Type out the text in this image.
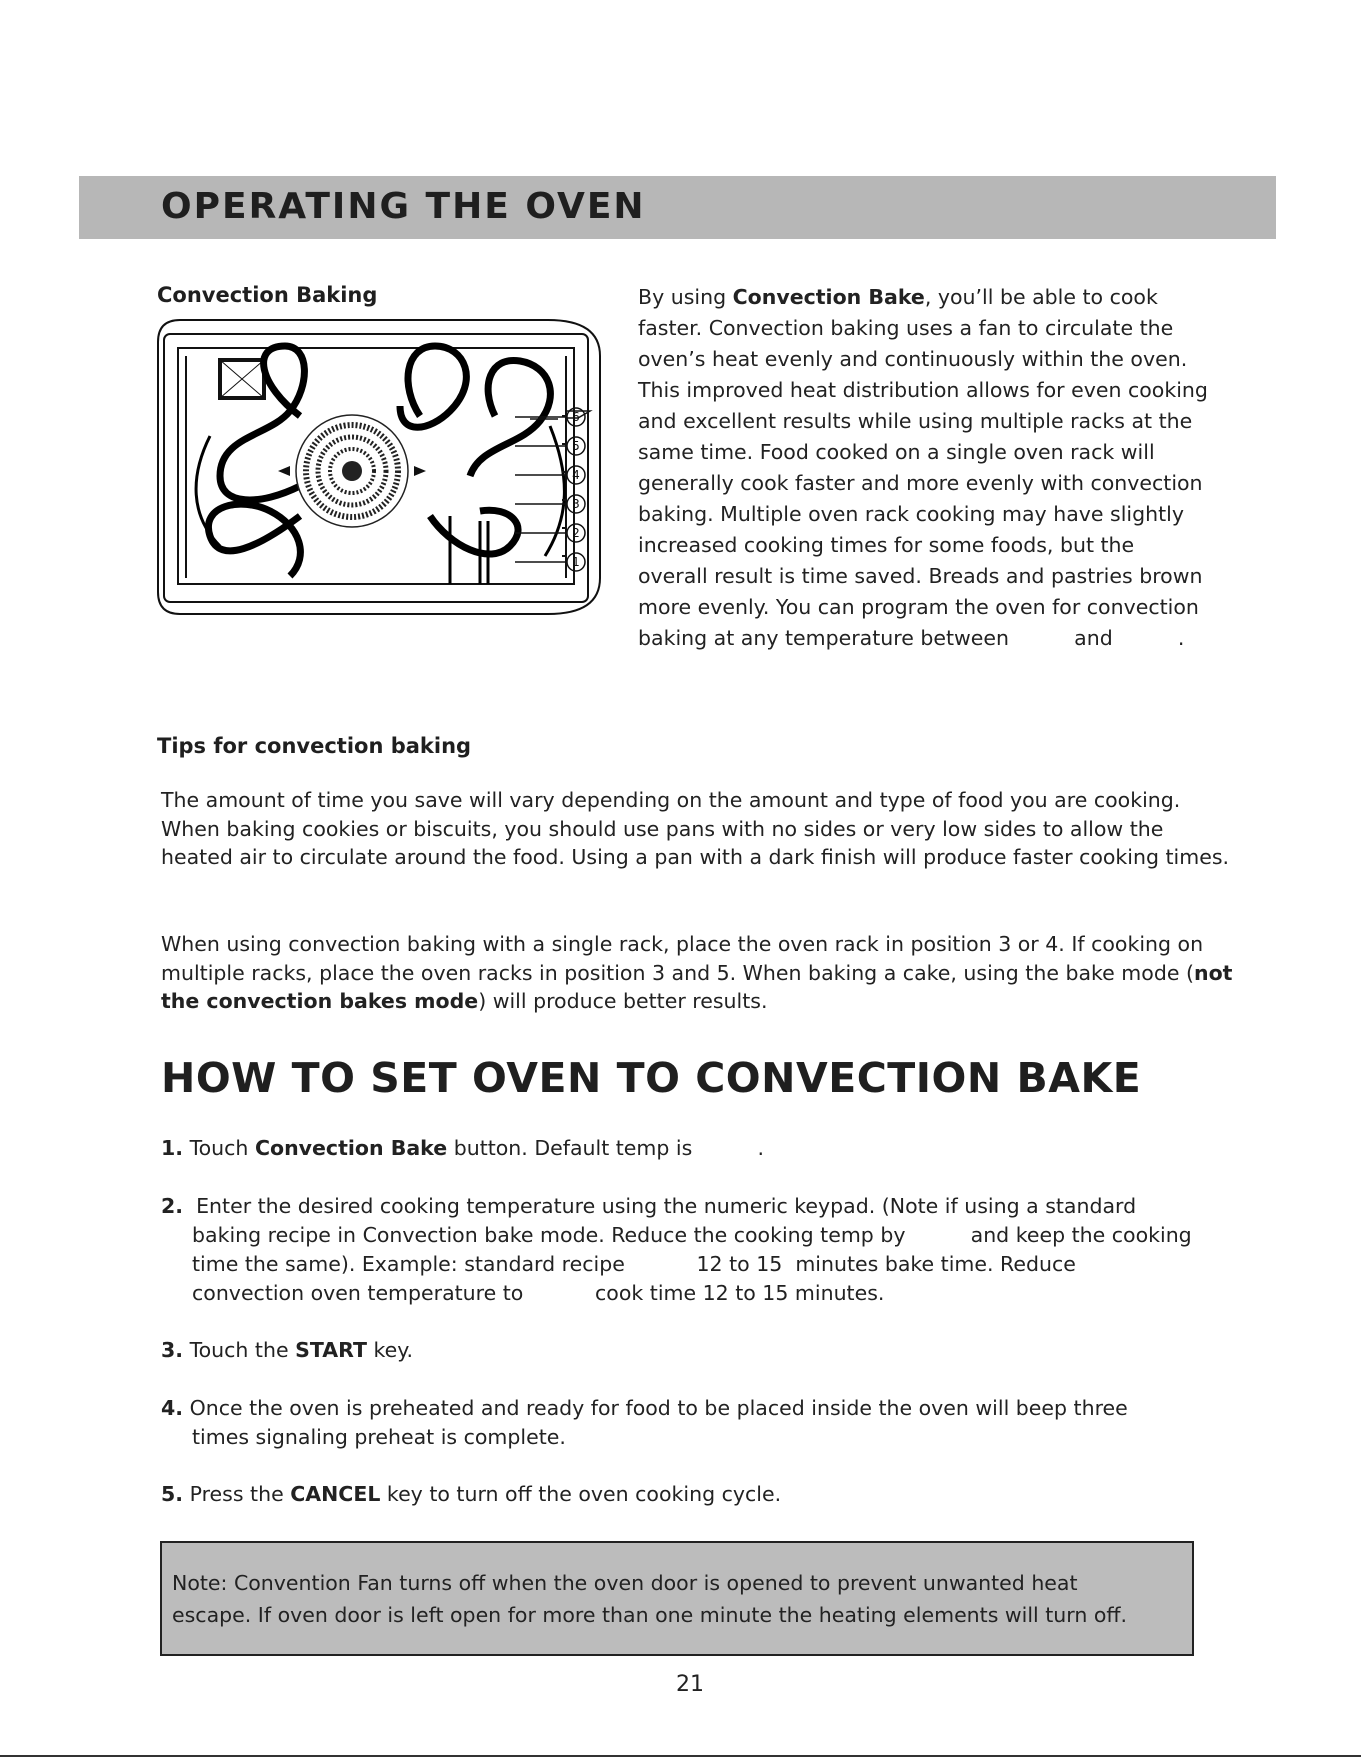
OPERATING THE OVEN
Convection Baking
6
5
4
3
2
1

By using Convection Bake, you’ll be able to cook faster. Convection baking uses a fan to circulate the oven’s heat evenly and continuously within the oven. This improved heat distribution allows for even cooking and excellent results while using multiple racks at the same time. Food cooked on a single oven rack will generally cook faster and more evenly with convection baking. Multiple oven rack cooking may have slightly increased cooking times for some foods, but the overall result is time saved. Breads and pastries brown more evenly. You can program the oven for convection baking at any temperature between          and          .

Tips for convection baking

The amount of time you save will vary depending on the amount and type of food you are cooking. When baking cookies or biscuits, you should use pans with no sides or very low sides to allow the heated air to circulate around the food. Using a pan with a dark finish will produce faster cooking times.

When using convection baking with a single rack, place the oven rack in position 3 or 4. If cooking on multiple racks, place the oven racks in position 3 and 5. When baking a cake, using the bake mode (not the convection bakes mode) will produce better results.

HOW TO SET OVEN TO CONVECTION BAKE

1. Touch Convection Bake button. Default temp is          .

2.  Enter the desired cooking temperature using the numeric keypad. (Note if using a standard

baking recipe in Convection bake mode. Reduce the cooking temp by          and keep the cooking

time the same). Example: standard recipe           12 to 15  minutes bake time. Reduce

convection oven temperature to           cook time 12 to 15 minutes.

3. Touch the START key.

4. Once the oven is preheated and ready for food to be placed inside the oven will beep three

times signaling preheat is complete.

5. Press the CANCEL key to turn off the oven cooking cycle.

Note: Convention Fan turns off when the oven door is opened to prevent unwanted heat
escape. If oven door is left open for more than one minute the heating elements will turn off.
21
